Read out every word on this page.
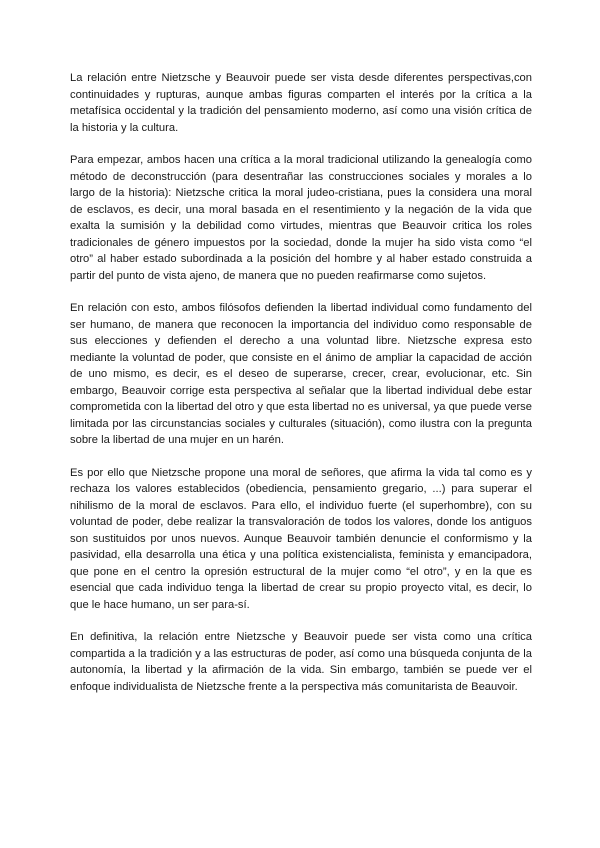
La relación entre Nietzsche y Beauvoir puede ser vista desde diferentes perspectivas,con continuidades y rupturas, aunque ambas figuras comparten el interés por la crítica a la metafísica occidental y la tradición del pensamiento moderno, así como una visión crítica de la historia y la cultura.

Para empezar, ambos hacen una crítica a la moral tradicional utilizando la genealogía como método de deconstrucción (para desentrañar las construcciones sociales y morales a lo largo de la historia): Nietzsche critica la moral judeo-cristiana, pues la considera una moral de esclavos, es decir, una moral basada en el resentimiento y la negación de la vida que exalta la sumisión y la debilidad como virtudes, mientras que Beauvoir critica los roles tradicionales de género impuestos por la sociedad, donde la mujer ha sido vista como “el otro” al haber estado subordinada a la posición del hombre y al haber estado construida a partir del punto de vista ajeno, de manera que no pueden reafirmarse como sujetos.

En relación con esto, ambos filósofos defienden la libertad individual como fundamento del ser humano, de manera que reconocen la importancia del individuo como responsable de sus elecciones y defienden el derecho a una voluntad libre. Nietzsche expresa esto mediante la voluntad de poder, que consiste en el ánimo de ampliar la capacidad de acción de uno mismo, es decir, es el deseo de superarse, crecer, crear, evolucionar, etc. Sin embargo, Beauvoir corrige esta perspectiva al señalar que la libertad individual debe estar comprometida con la libertad del otro y que esta libertad no es universal, ya que puede verse limitada por las circunstancias sociales y culturales (situación), como ilustra con la pregunta sobre la libertad de una mujer en un harén.

Es por ello que Nietzsche propone una moral de señores, que afirma la vida tal como es y rechaza los valores establecidos (obediencia, pensamiento gregario, ...) para superar el nihilismo de la moral de esclavos. Para ello, el individuo fuerte (el superhombre), con su voluntad de poder, debe realizar la transvaloración de todos los valores, donde los antiguos son sustituidos por unos nuevos. Aunque Beauvoir también denuncie el conformismo y la pasividad, ella desarrolla una ética y una política existencialista, feminista y emancipadora, que pone en el centro la opresión estructural de la mujer como “el otro”, y en la que es esencial que cada individuo tenga la libertad de crear su propio proyecto vital, es decir, lo que le hace humano, un ser para-sí.

En definitiva, la relación entre Nietzsche y Beauvoir puede ser vista como una crítica compartida a la tradición y a las estructuras de poder, así como una búsqueda conjunta de la autonomía, la libertad y la afirmación de la vida. Sin embargo, también se puede ver el enfoque individualista de Nietzsche frente a la perspectiva más comunitarista de Beauvoir.
